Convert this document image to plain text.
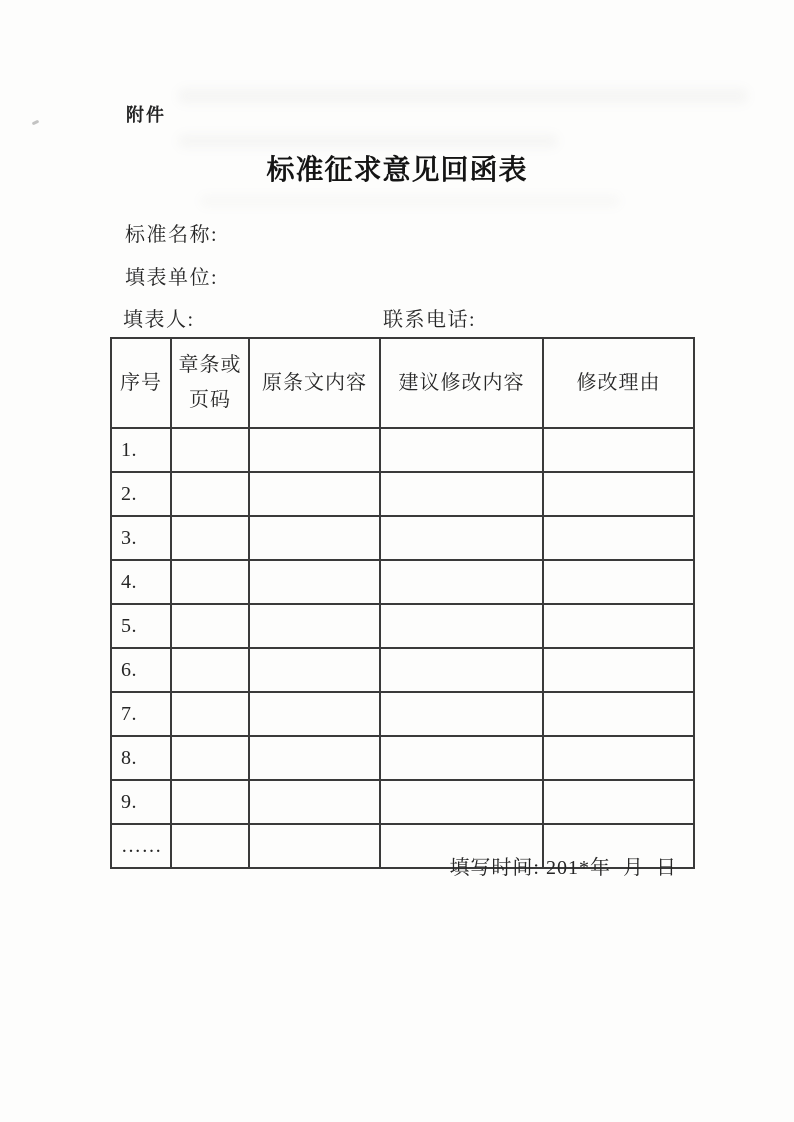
附件
标准征求意见回函表
标准名称:
填表单位:
填表人:	联系电话:
序号	章条或页码	原条文内容	建议修改内容	修改理由
1.				
2.				
3.				
4.				
5.				
6.				
7.				
8.				
9.				
……				
填写时间: 201*年  月  日
